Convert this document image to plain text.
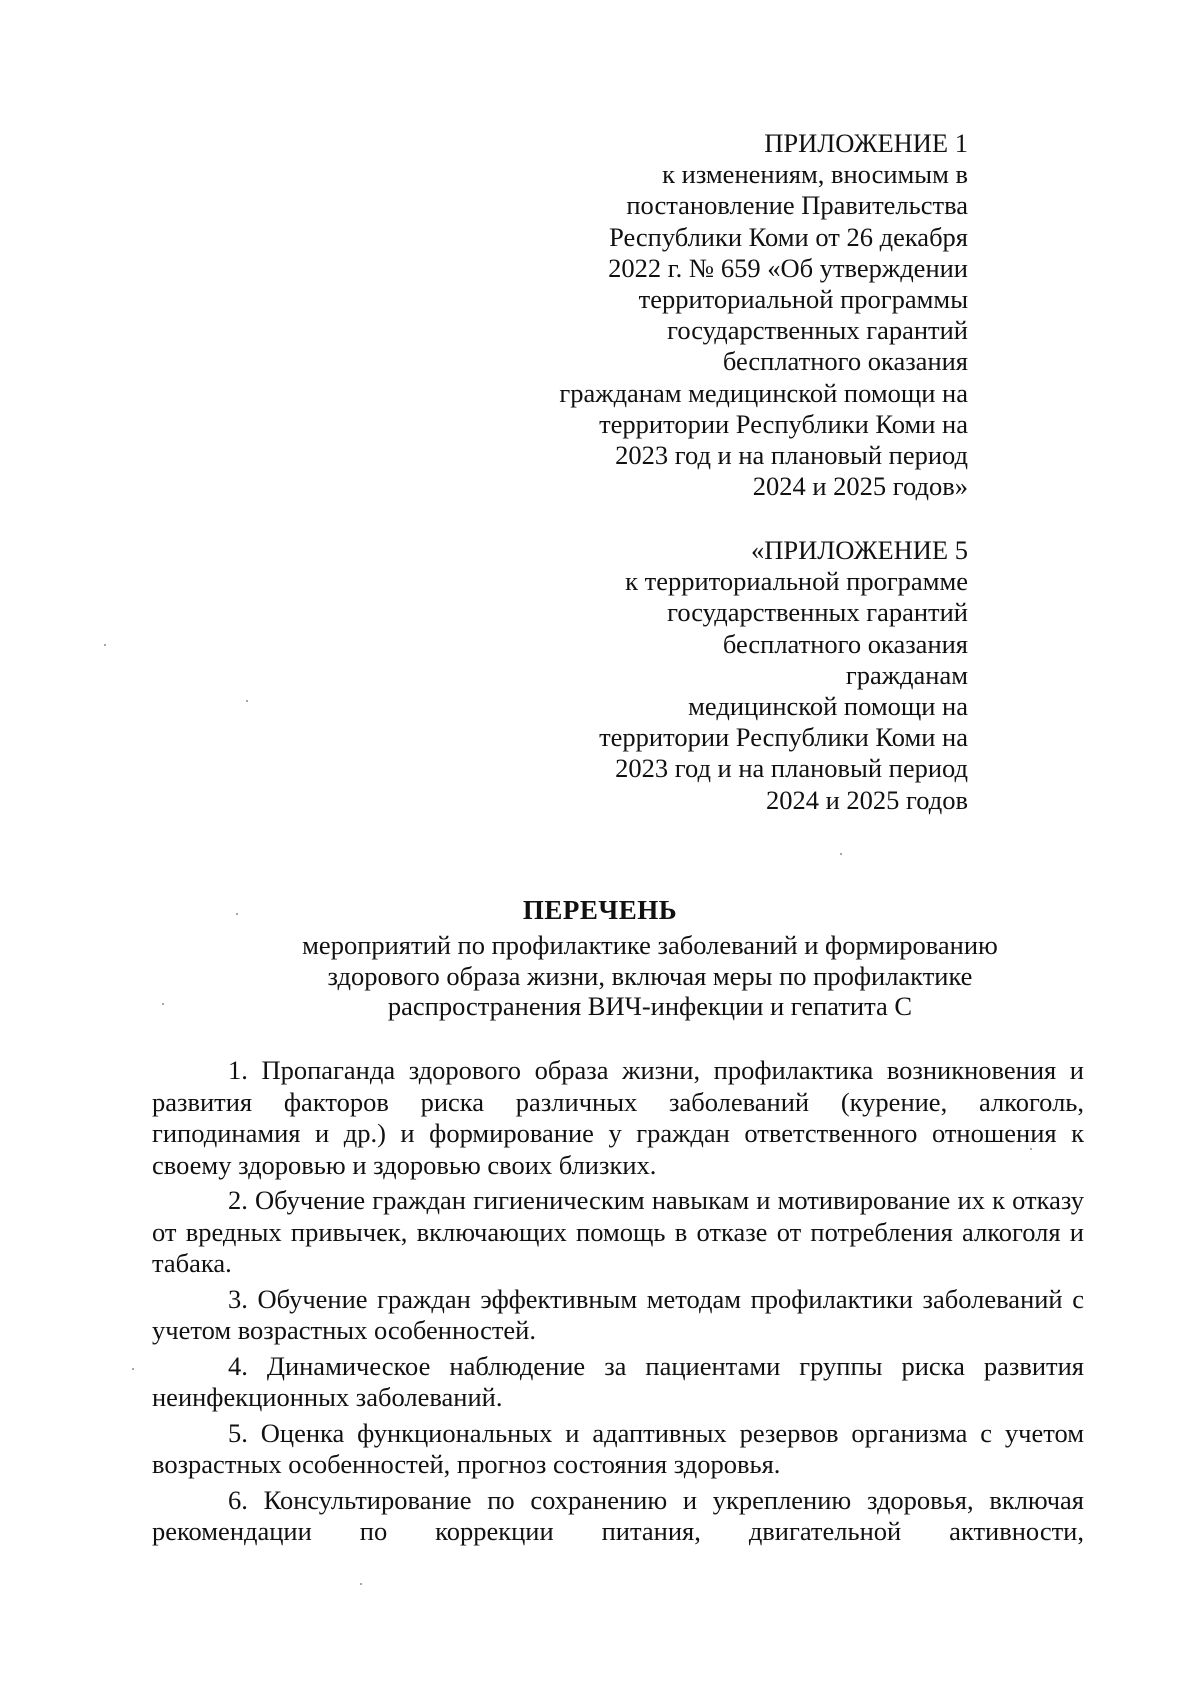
ПРИЛОЖЕНИЕ 1
к изменениям, вносимым в
постановление Правительства
Республики Коми от 26 декабря
2022 г. № 659 «Об утверждении
территориальной программы
государственных гарантий
бесплатного оказания
гражданам медицинской помощи на
территории Республики Коми на
2023 год и на плановый период
2024 и 2025 годов»
«ПРИЛОЖЕНИЕ 5
к территориальной программе
государственных гарантий
бесплатного оказания
гражданам
медицинской помощи на
территории Республики Коми на
2023 год и на плановый период
2024 и 2025 годов
ПЕРЕЧЕНЬ
мероприятий по профилактике заболеваний и формированию
здорового образа жизни, включая меры по профилактике
распространения ВИЧ-инфекции и гепатита С

1. Пропаганда здорового образа жизни, профилактика возникновения и развития факторов риска различных заболеваний (курение, алкоголь, гиподинамия и др.) и формирование у граждан ответственного отношения к своему здоровью и здоровью своих близких.

2. Обучение граждан гигиеническим навыкам и мотивирование их к отказу от вредных привычек, включающих помощь в отказе от потребления алкоголя и табака.

3. Обучение граждан эффективным методам профилактики заболеваний с учетом возрастных особенностей.

4. Динамическое наблюдение за пациентами группы риска развития неинфекционных заболеваний.

5. Оценка функциональных и адаптивных резервов организма с учетом возрастных особенностей, прогноз состояния здоровья.

6. Консультирование по сохранению и укреплению здоровья, включая рекомендации по коррекции питания, двигательной активности,
